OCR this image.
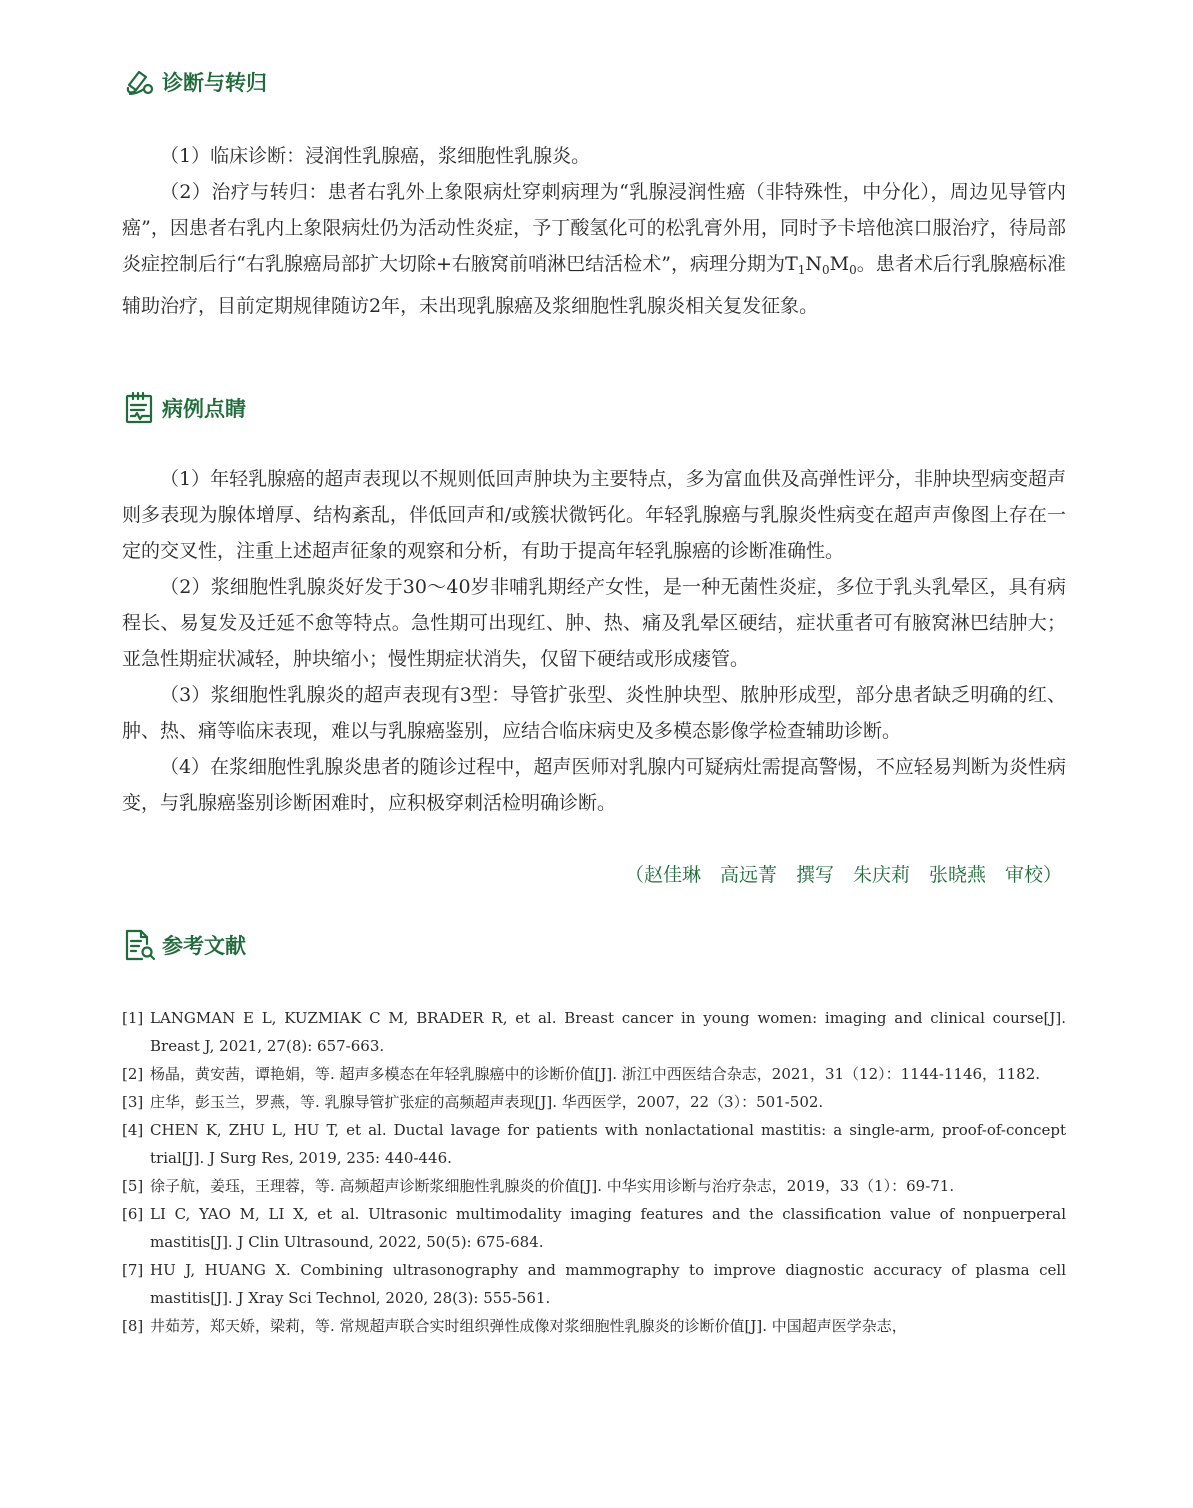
诊断与转归

（1）临床诊断：浸润性乳腺癌，浆细胞性乳腺炎。

（2）治疗与转归：患者右乳外上象限病灶穿刺病理为“乳腺浸润性癌（非特殊性，中分化），周边见导管内癌”，因患者右乳内上象限病灶仍为活动性炎症，予丁酸氢化可的松乳膏外用，同时予卡培他滨口服治疗，待局部炎症控制后行“右乳腺癌局部扩大切除+右腋窝前哨淋巴结活检术”，病理分期为$T_1N_0M_0$。患者术后行乳腺癌标准辅助治疗，目前定期规律随访2年，未出现乳腺癌及浆细胞性乳腺炎相关复发征象。

病例点睛

（1）年轻乳腺癌的超声表现以不规则低回声肿块为主要特点，多为富血供及高弹性评分，非肿块型病变超声则多表现为腺体增厚、结构紊乱，伴低回声和/或簇状微钙化。年轻乳腺癌与乳腺炎性病变在超声声像图上存在一定的交叉性，注重上述超声征象的观察和分析，有助于提高年轻乳腺癌的诊断准确性。

（2）浆细胞性乳腺炎好发于30～40岁非哺乳期经产女性，是一种无菌性炎症，多位于乳头乳晕区，具有病程长、易复发及迁延不愈等特点。急性期可出现红、肿、热、痛及乳晕区硬结，症状重者可有腋窝淋巴结肿大；亚急性期症状减轻，肿块缩小；慢性期症状消失，仅留下硬结或形成瘘管。

（3）浆细胞性乳腺炎的超声表现有3型：导管扩张型、炎性肿块型、脓肿形成型，部分患者缺乏明确的红、肿、热、痛等临床表现，难以与乳腺癌鉴别，应结合临床病史及多模态影像学检查辅助诊断。

（4）在浆细胞性乳腺炎患者的随诊过程中，超声医师对乳腺内可疑病灶需提高警惕，不应轻易判断为炎性病变，与乳腺癌鉴别诊断困难时，应积极穿刺活检明确诊断。

（赵佳琳　高远菁　撰写　朱庆莉　张晓燕　审校）
参考文献
[1] LANGMAN E L, KUZMIAK C M, BRADER R, et al. Breast cancer in young women: imaging and clinical course[J]. Breast J, 2021, 27(8): 657-663.
[2] 杨晶，黄安茜，谭艳娟，等. 超声多模态在年轻乳腺癌中的诊断价值[J]. 浙江中西医结合杂志，2021，31（12）：1144-1146，1182.
[3] 庄华，彭玉兰，罗燕，等. 乳腺导管扩张症的高频超声表现[J]. 华西医学，2007，22（3）：501-502.
[4] CHEN K, ZHU L, HU T, et al. Ductal lavage for patients with nonlactational mastitis: a single-arm, proof-of-concept trial[J]. J Surg Res, 2019, 235: 440-446.
[5] 徐子航，姜珏，王理蓉，等. 高频超声诊断浆细胞性乳腺炎的价值[J]. 中华实用诊断与治疗杂志，2019，33（1）：69-71.
[6] LI C, YAO M, LI X, et al. Ultrasonic multimodality imaging features and the classification value of nonpuerperal mastitis[J]. J Clin Ultrasound, 2022, 50(5): 675-684.
[7] HU J, HUANG X. Combining ultrasonography and mammography to improve diagnostic accuracy of plasma cell mastitis[J]. J Xray Sci Technol, 2020, 28(3): 555-561.
[8] 井茹芳，郑天娇，梁莉，等. 常规超声联合实时组织弹性成像对浆细胞性乳腺炎的诊断价值[J]. 中国超声医学杂志，
